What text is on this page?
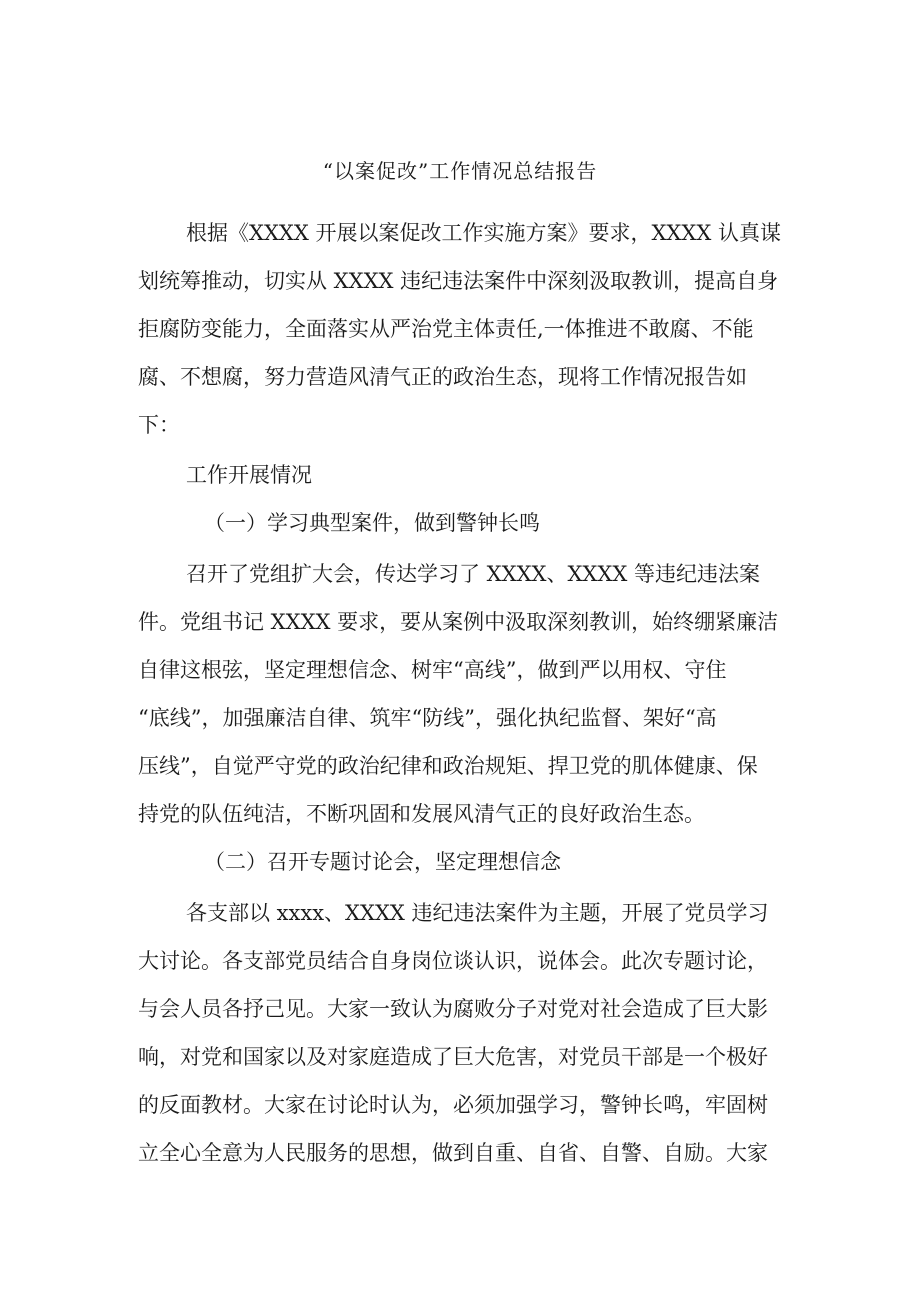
“以案促改”工作情况总结报告
根据《XXXX 开展以案促改工作实施方案》要求，XXXX 认真谋
划统筹推动，切实从 XXXX 违纪违法案件中深刻汲取教训，提高自身
拒腐防变能力，全面落实从严治党主体责任,一体推进不敢腐、不能
腐、不想腐，努力营造风清气正的政治生态，现将工作情况报告如
下：
工作开展情况
（一）学习典型案件，做到警钟长鸣
召开了党组扩大会，传达学习了 XXXX、XXXX 等违纪违法案
件。党组书记 XXXX 要求，要从案例中汲取深刻教训，始终绷紧廉洁
自律这根弦，坚定理想信念、树牢“高线”，做到严以用权、守住
“底线”，加强廉洁自律、筑牢“防线”，强化执纪监督、架好“高
压线”，自觉严守党的政治纪律和政治规矩、捍卫党的肌体健康、保
持党的队伍纯洁，不断巩固和发展风清气正的良好政治生态。
（二）召开专题讨论会，坚定理想信念
各支部以 xxxx、XXXX 违纪违法案件为主题，开展了党员学习
大讨论。各支部党员结合自身岗位谈认识，说体会。此次专题讨论，
与会人员各抒己见。大家一致认为腐败分子对党对社会造成了巨大影
响，对党和国家以及对家庭造成了巨大危害，对党员干部是一个极好
的反面教材。大家在讨论时认为，必须加强学习，警钟长鸣，牢固树
立全心全意为人民服务的思想，做到自重、自省、自警、自励。大家
